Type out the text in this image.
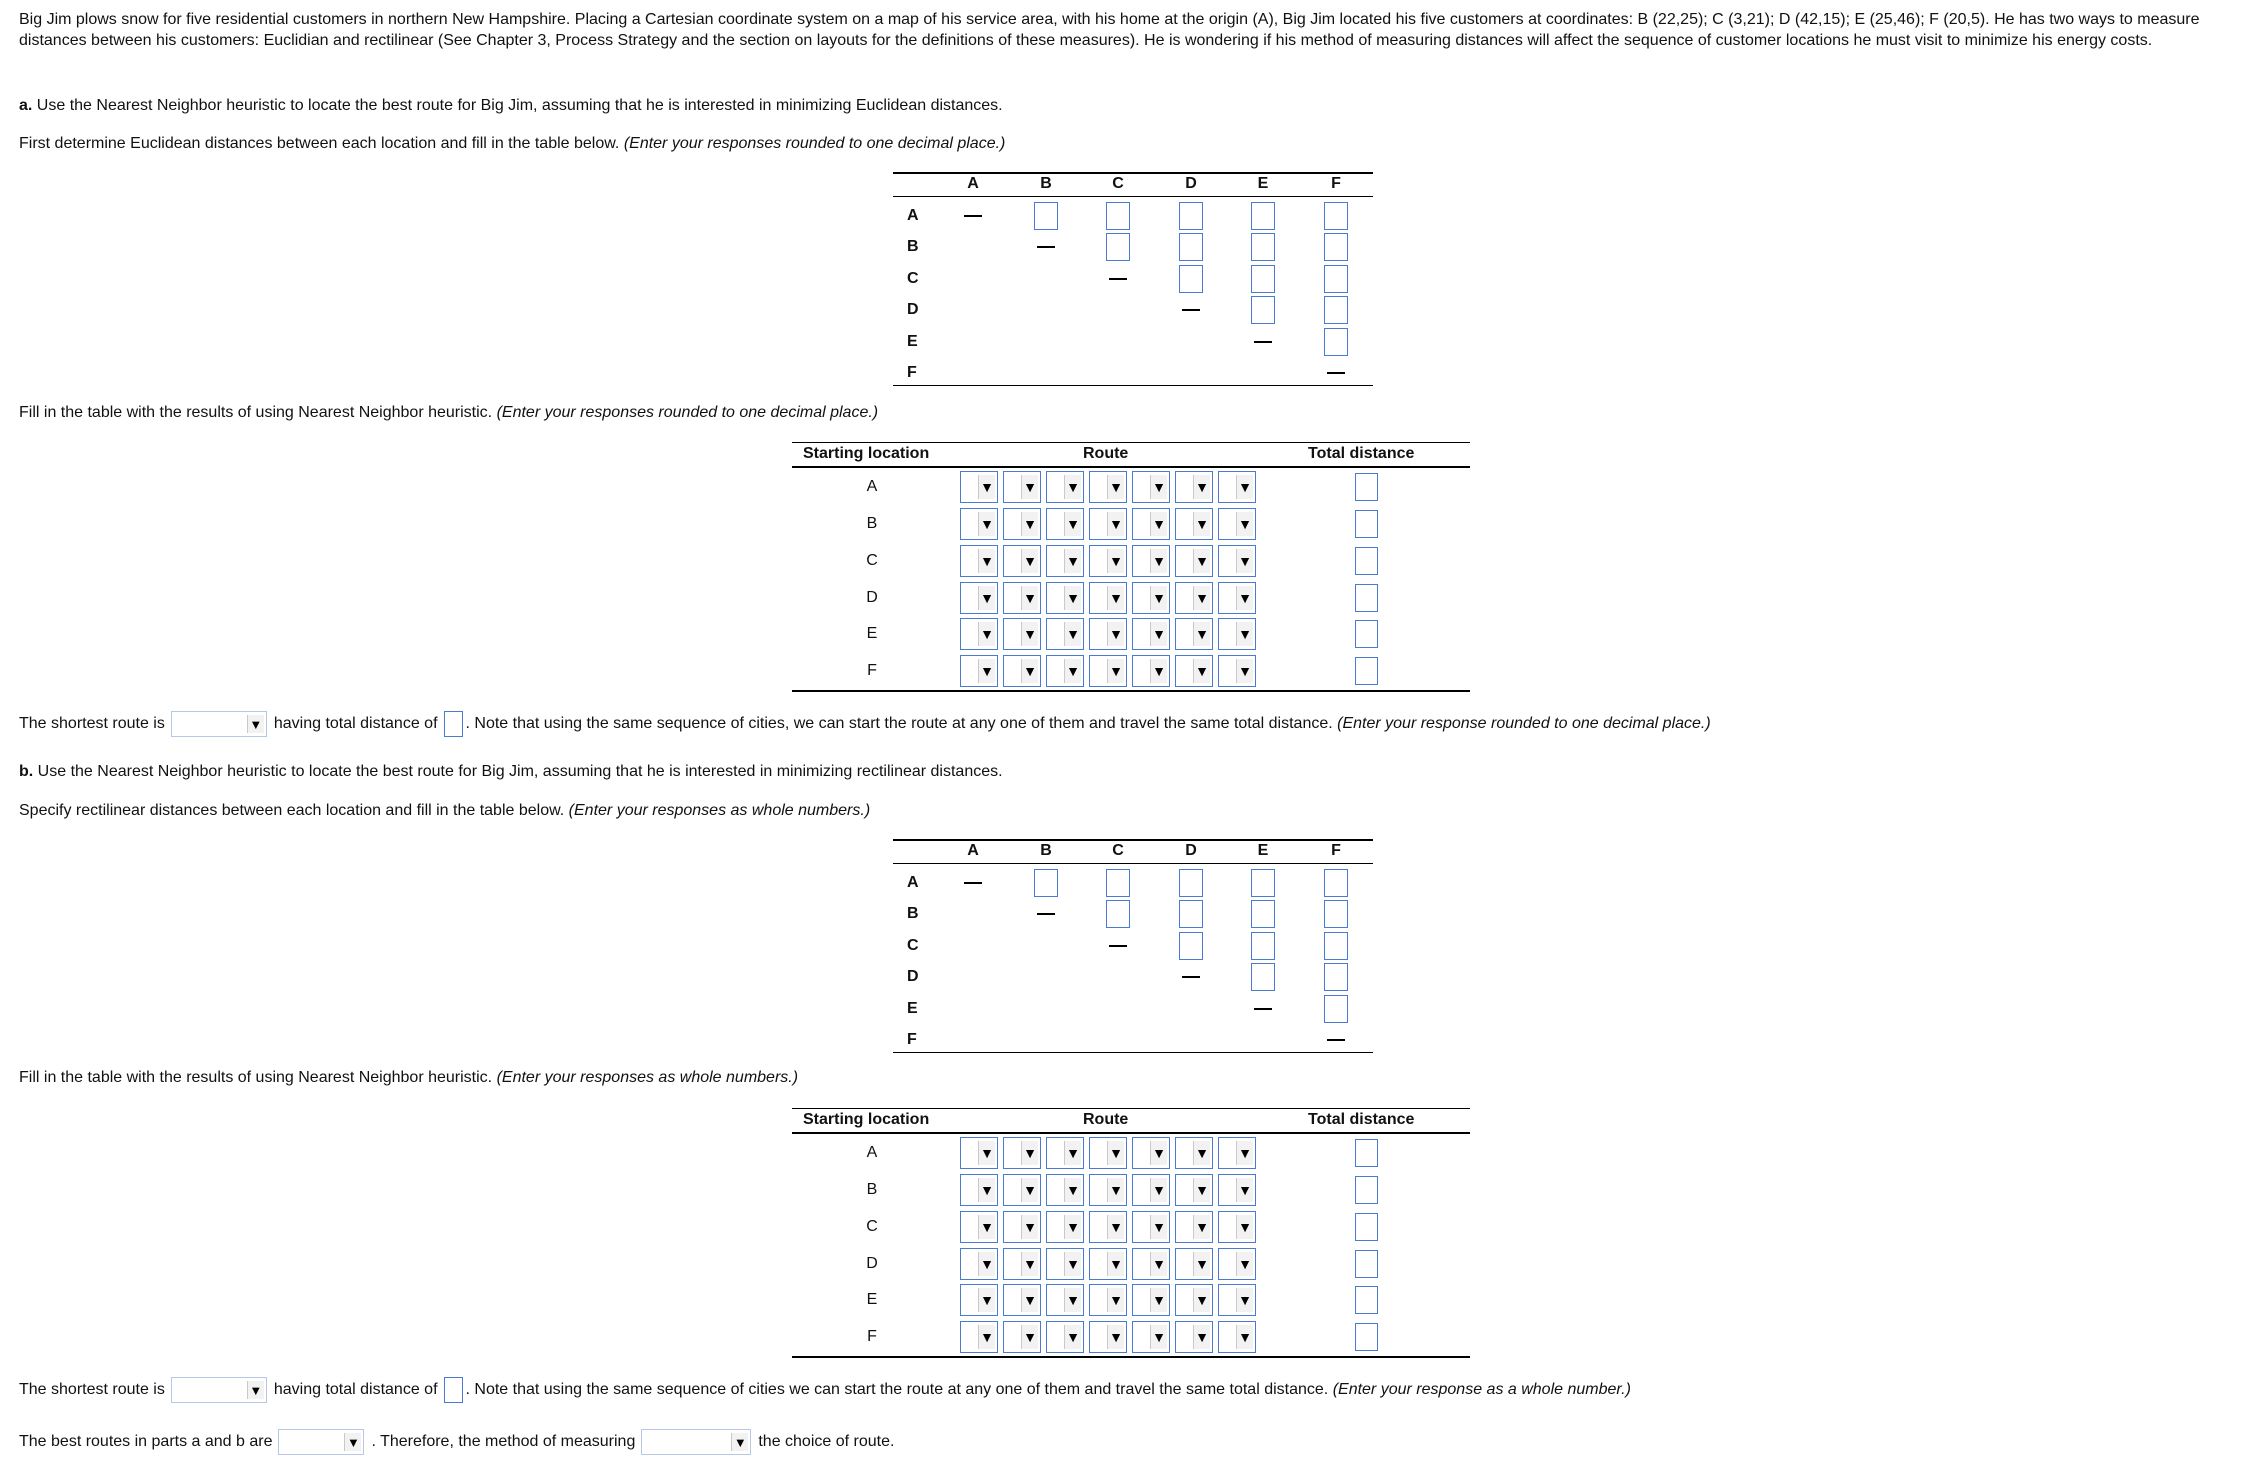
Big Jim plows snow for five residential customers in northern New Hampshire. Placing a Cartesian coordinate system on a map of his service area, with his home at the origin (A), Big Jim located his five customers at coordinates: B (22,25); C (3,21); D (42,15); E (25,46); F (20,5). He has two ways to measure distances between his customers: Euclidian and rectilinear (See Chapter 3, Process Strategy and the section on layouts for the definitions of these measures). He is wondering if his method of measuring distances will affect the sequence of customer locations he must visit to minimize his energy costs.

a. Use the Nearest Neighbor heuristic to locate the best route for Big Jim, assuming that he is interested in minimizing Euclidean distances.

First determine Euclidean distances between each location and fill in the table below. (Enter your responses rounded to one decimal place.)

A	B	C	D	E	F
A
B
C
D
E
F

Fill in the table with the results of using Nearest Neighbor heuristic. (Enter your responses rounded to one decimal place.)

Starting location	Route	Total distance
A	▼ ▼ ▼ ▼ ▼ ▼ ▼
B	▼ ▼ ▼ ▼ ▼ ▼ ▼
C	▼ ▼ ▼ ▼ ▼ ▼ ▼
D	▼ ▼ ▼ ▼ ▼ ▼ ▼
E	▼ ▼ ▼ ▼ ▼ ▼ ▼
F	▼ ▼ ▼ ▼ ▼ ▼ ▼
The shortest route is	▼ having total distance of . Note that using the same sequence of cities, we can start the route at any one of them and travel the same total distance.
(Enter your response rounded to one decimal place.)

b. Use the Nearest Neighbor heuristic to locate the best route for Big Jim, assuming that he is interested in minimizing rectilinear distances.

Specify rectilinear distances between each location and fill in the table below. (Enter your responses as whole numbers.)

A	B	C	D	E	F
A
B
C
D
E
F

Fill in the table with the results of using Nearest Neighbor heuristic. (Enter your responses as whole numbers.)

Starting location	Route	Total distance
A	▼ ▼ ▼ ▼ ▼ ▼ ▼
B	▼ ▼ ▼ ▼ ▼ ▼ ▼
C	▼ ▼ ▼ ▼ ▼ ▼ ▼
D	▼ ▼ ▼ ▼ ▼ ▼ ▼
E	▼ ▼ ▼ ▼ ▼ ▼ ▼
F	▼ ▼ ▼ ▼ ▼ ▼ ▼
The shortest route is	▼ having total distance of . Note that using the same sequence of cities we can start the route at any one of them and travel the same total distance.
(Enter your response as a whole number.)
The best routes in parts a and b are	▼ . Therefore, the method of measuring	▼ the choice of route.
